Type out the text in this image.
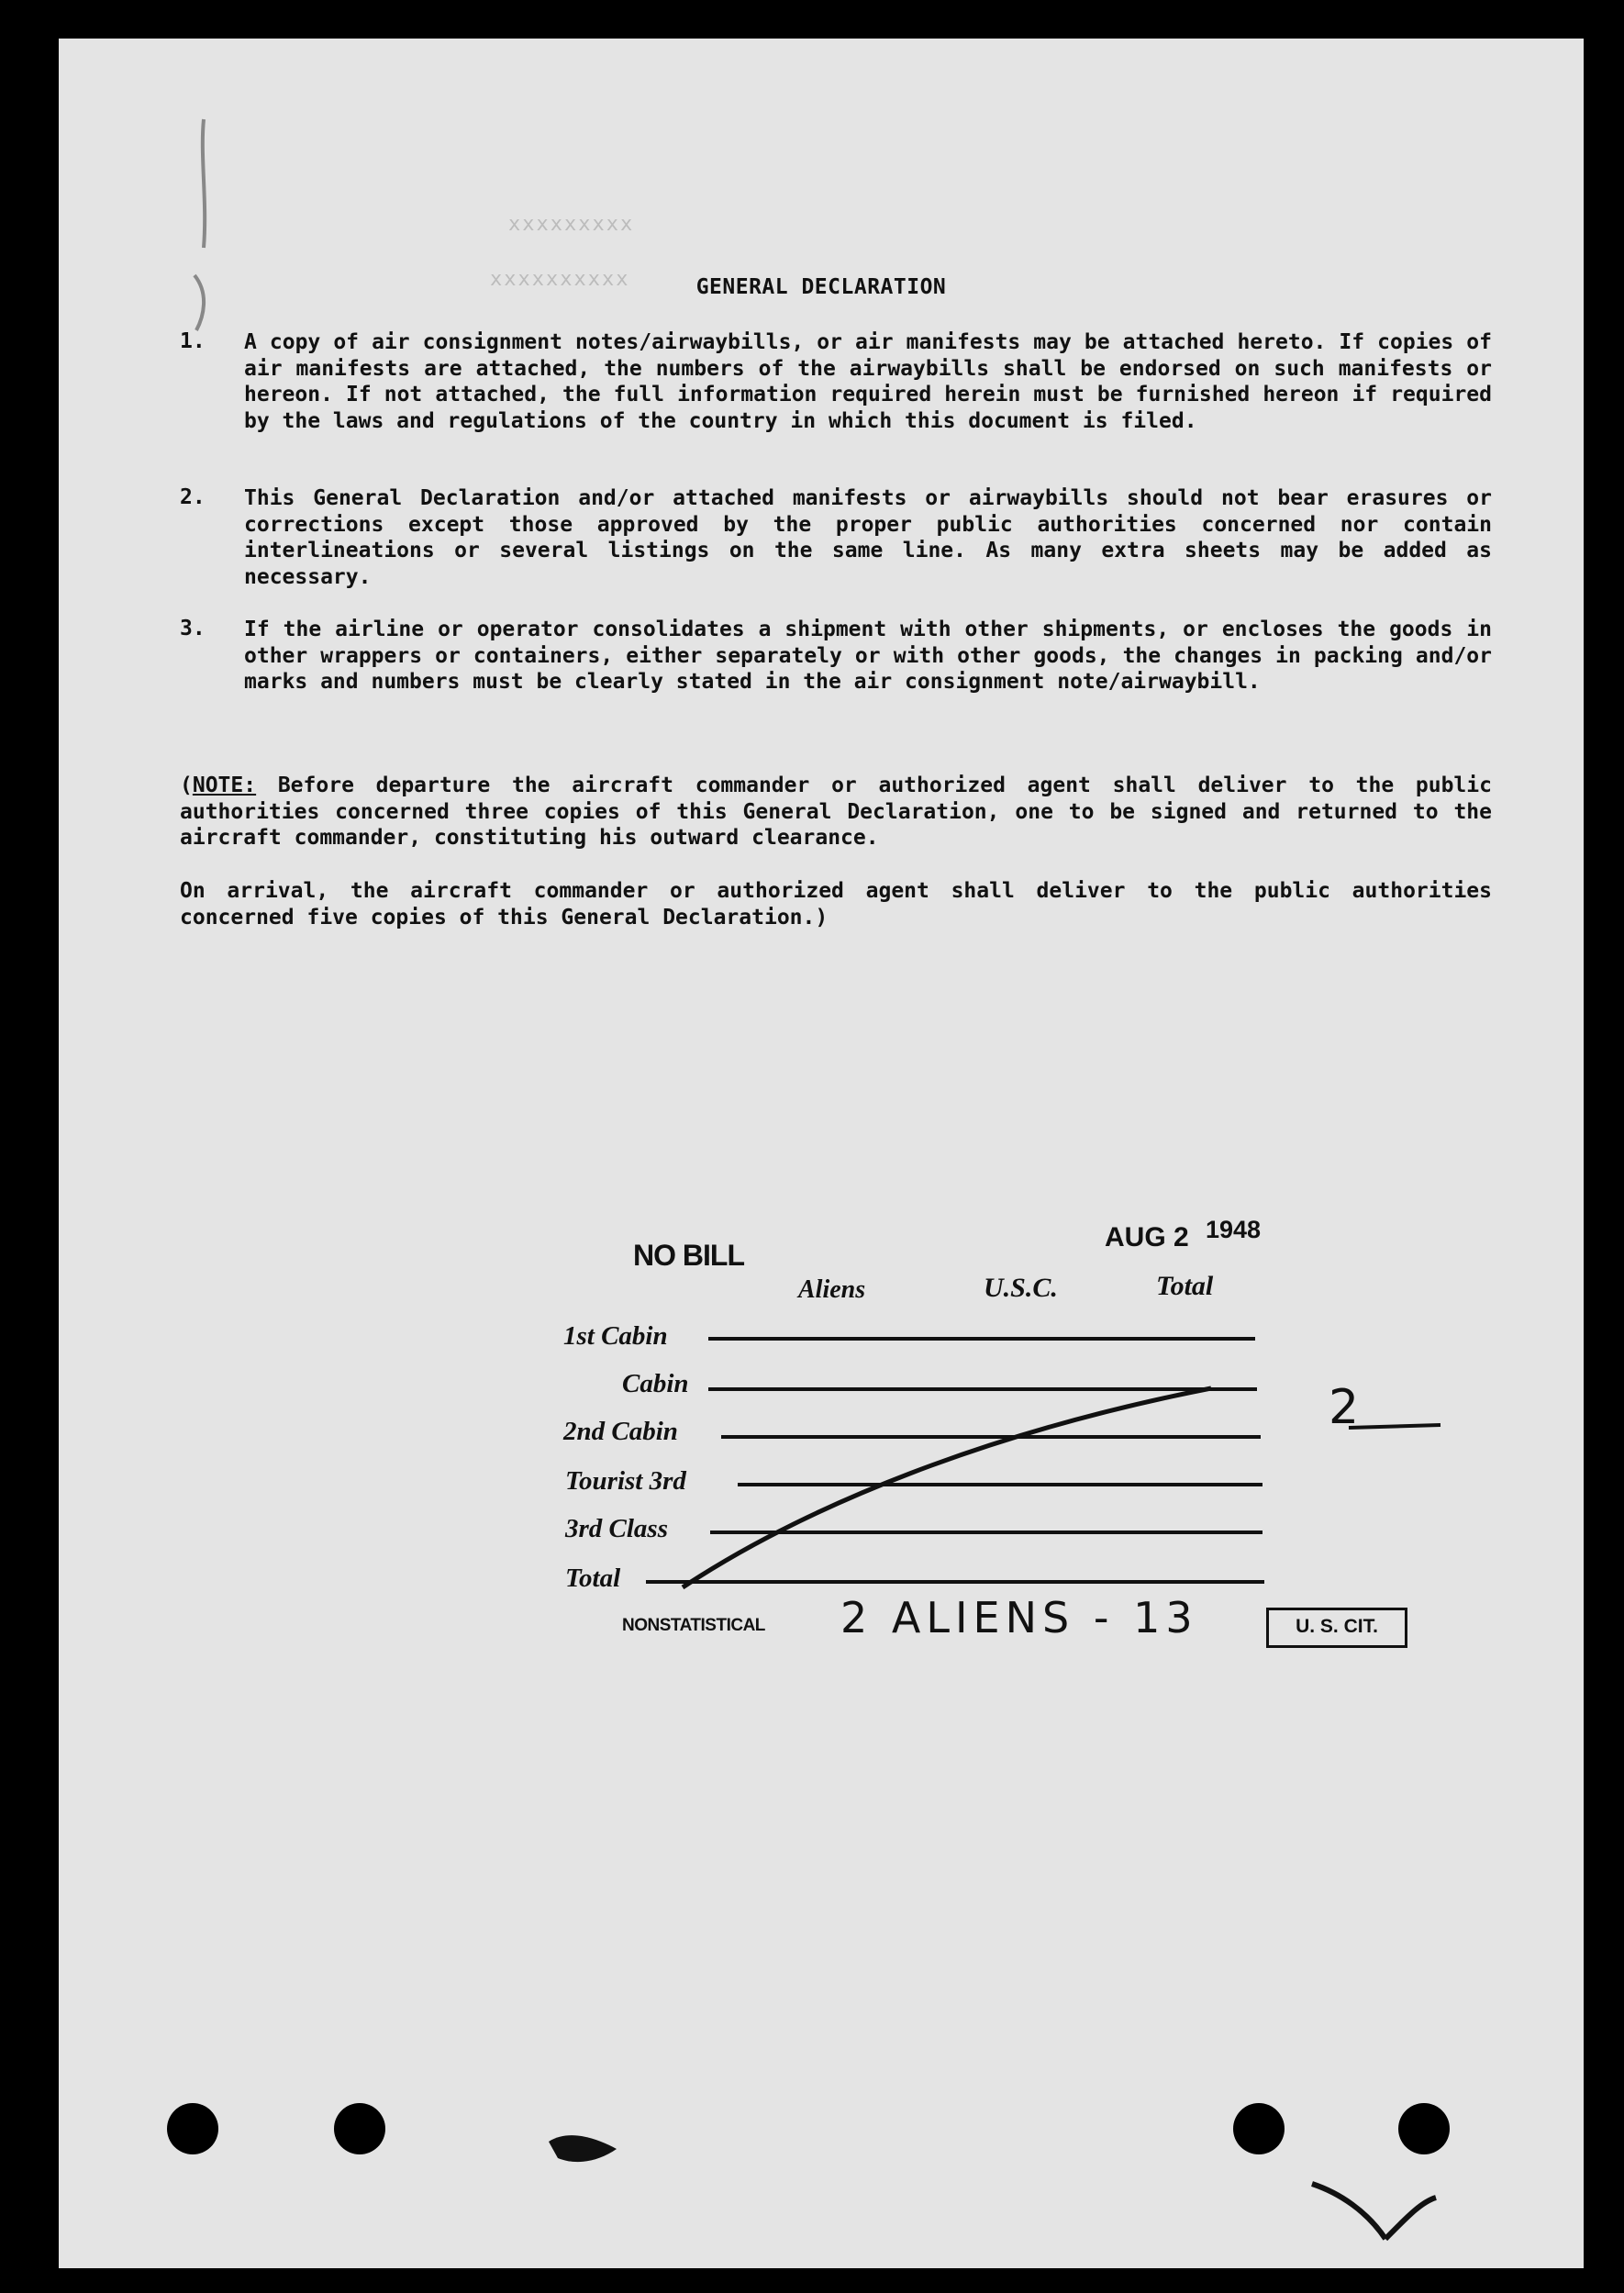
xxxxxxxxx
xxxxxxxxxx	GENERAL DECLARATION
1. A copy of air consignment notes/airwaybills, or air manifests may be attached hereto. If copies of air manifests are attached, the numbers of the airwaybills shall be endorsed on such manifests or hereon. If not attached, the full information required herein must be furnished hereon if required by the laws and regulations of the country in which this document is filed.
2. This General Declaration and/or attached manifests or airwaybills should not bear erasures or corrections except those approved by the proper public authorities concerned nor contain interlineations or several listings on the same line. As many extra sheets may be added as necessary.
3. If the airline or operator consolidates a shipment with other shipments, or encloses the goods in other wrappers or containers, either separately or with other goods, the changes in packing and/or marks and numbers must be clearly stated in the air consignment note/airwaybill.
(NOTE: Before departure the aircraft commander or authorized agent shall deliver to the public authorities concerned three copies of this General Declaration, one to be signed and returned to the aircraft commander, constituting his outward clearance.
On arrival, the aircraft commander or authorized agent shall deliver to the public authorities concerned five copies of this General Declaration.)
NO BILL
AUG 2 1948
Aliens	U.S.C.	Total
1st Cabin
Cabin
2nd Cabin
Tourist 3rd
3rd Class
Total
NONSTATISTICAL	U. S. CIT.
2 ALIENS - 13
2
